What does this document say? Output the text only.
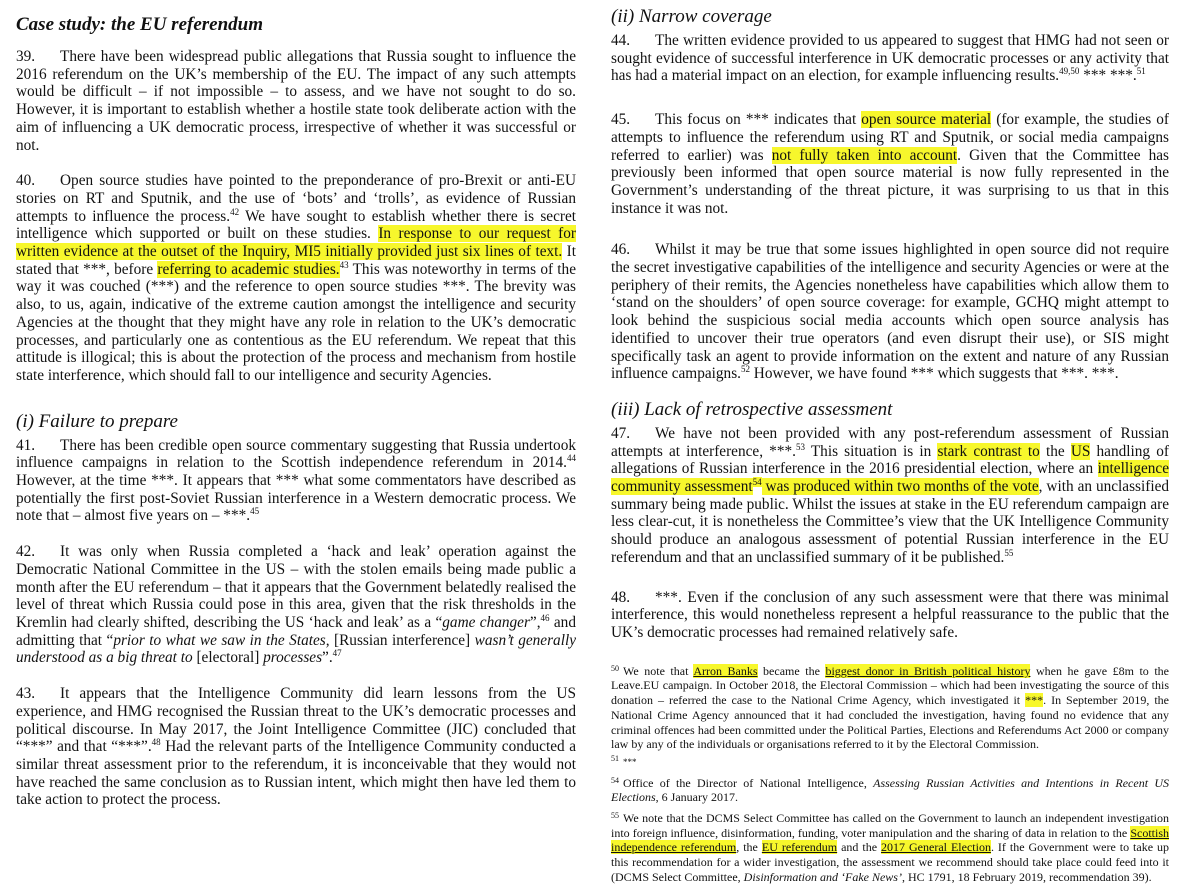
Case study: the EU referendum

39. There have been widespread public allegations that Russia sought to influence the 2016 referendum on the UK’s membership of the EU. The impact of any such attempts would be difficult – if not impossible – to assess, and we have not sought to do so. However, it is important to establish whether a hostile state took deliberate action with the aim of influencing a UK democratic process, irrespective of whether it was successful or not.

40. Open source studies have pointed to the preponderance of pro-Brexit or anti-EU stories on RT and Sputnik, and the use of ‘bots’ and ‘trolls’, as evidence of Russian attempts to influence the process.$^{42}$ We have sought to establish whether there is secret intelligence which supported or built on these studies. In response to our request for written evidence at the outset of the Inquiry, MI5 initially provided just six lines of text. It stated that ***, before referring to academic studies.$^{43}$ This was noteworthy in terms of the way it was couched (***) and the reference to open source studies ***. The brevity was also, to us, again, indicative of the extreme caution amongst the intelligence and security Agencies at the thought that they might have any role in relation to the UK’s democratic processes, and particularly one as contentious as the EU referendum. We repeat that this attitude is illogical; this is about the protection of the process and mechanism from hostile state interference, which should fall to our intelligence and security Agencies.

(i) Failure to prepare

41. There has been credible open source commentary suggesting that Russia undertook influence campaigns in relation to the Scottish independence referendum in 2014.44 However, at the time ***. It appears that *** what some commentators have described as potentially the first post-Soviet Russian interference in a Western democratic process. We note that – almost five years on – ***.$^{45}$

42. It was only when Russia completed a ‘hack and leak’ operation against the Democratic National Committee in the US – with the stolen emails being made public a month after the EU referendum – that it appears that the Government belatedly realised the level of threat which Russia could pose in this area, given that the risk thresholds in the Kremlin had clearly shifted, describing the US ‘hack and leak’ as a “game changer”,$^{46}$ and admitting that “prior to what we saw in the States, [Russian interference] wasn’t generally understood as a big threat to [electoral] processes”.$^{47}$

43. It appears that the Intelligence Community did learn lessons from the US experience, and HMG recognised the Russian threat to the UK’s democratic processes and political discourse. In May 2017, the Joint Intelligence Committee (JIC) concluded that “***” and that “***”.$^{48}$ Had the relevant parts of the Intelligence Community conducted a similar threat assessment prior to the referendum, it is inconceivable that they would not have reached the same conclusion as to Russian intent, which might then have led them to take action to protect the process.

(ii) Narrow coverage

44. The written evidence provided to us appeared to suggest that HMG had not seen or sought evidence of successful interference in UK democratic processes or any activity that has had a material impact on an election, for example influencing results.$^{49,50}$ *** ***.$^{51}$

45. This focus on *** indicates that open source material (for example, the studies of attempts to influence the referendum using RT and Sputnik, or social media campaigns referred to earlier) was not fully taken into account. Given that the Committee has previously been informed that open source material is now fully represented in the Government’s understanding of the threat picture, it was surprising to us that in this instance it was not.

46. Whilst it may be true that some issues highlighted in open source did not require the secret investigative capabilities of the intelligence and security Agencies or were at the periphery of their remits, the Agencies nonetheless have capabilities which allow them to ‘stand on the shoulders’ of open source coverage: for example, GCHQ might attempt to look behind the suspicious social media accounts which open source analysis has identified to uncover their true operators (and even disrupt their use), or SIS might specifically task an agent to provide information on the extent and nature of any Russian influence campaigns.$^{52}$ However, we have found *** which suggests that ***. ***.

(iii) Lack of retrospective assessment

47. We have not been provided with any post-referendum assessment of Russian attempts at interference, ***.$^{53}$ This situation is in stark contrast to the US handling of allegations of Russian interference in the 2016 presidential election, where an intelligence community assessment$^{54}$ was produced within two months of the vote, with an unclassified summary being made public. Whilst the issues at stake in the EU referendum campaign are less clear-cut, it is nonetheless the Committee’s view that the UK Intelligence Community should produce an analogous assessment of potential Russian interference in the EU referendum and that an unclassified summary of it be published.$^{55}$

48. ***. Even if the conclusion of any such assessment were that there was minimal interference, this would nonetheless represent a helpful reassurance to the public that the UK’s democratic processes had remained relatively safe.

$^{50}$ We note that Arron Banks became the biggest donor in British political history when he gave £8m to the Leave.EU campaign. In October 2018, the Electoral Commission – which had been investigating the source of this donation – referred the case to the National Crime Agency, which investigated it ***. In September 2019, the National Crime Agency announced that it had concluded the investigation, having found no evidence that any criminal offences had been committed under the Political Parties, Elections and Referendums Act 2000 or company law by any of the individuals or organisations referred to it by the Electoral Commission.

$^{51}$ ***

$^{54}$ Office of the Director of National Intelligence, Assessing Russian Activities and Intentions in Recent US Elections, 6 January 2017.

$^{55}$ We note that the DCMS Select Committee has called on the Government to launch an independent investigation into foreign influence, disinformation, funding, voter manipulation and the sharing of data in relation to the Scottish independence referendum, the EU referendum and the 2017 General Election. If the Government were to take up this recommendation for a wider investigation, the assessment we recommend should take place could feed into it (DCMS Select Committee, Disinformation and ‘Fake News’, HC 1791, 18 February 2019, recommendation 39).
